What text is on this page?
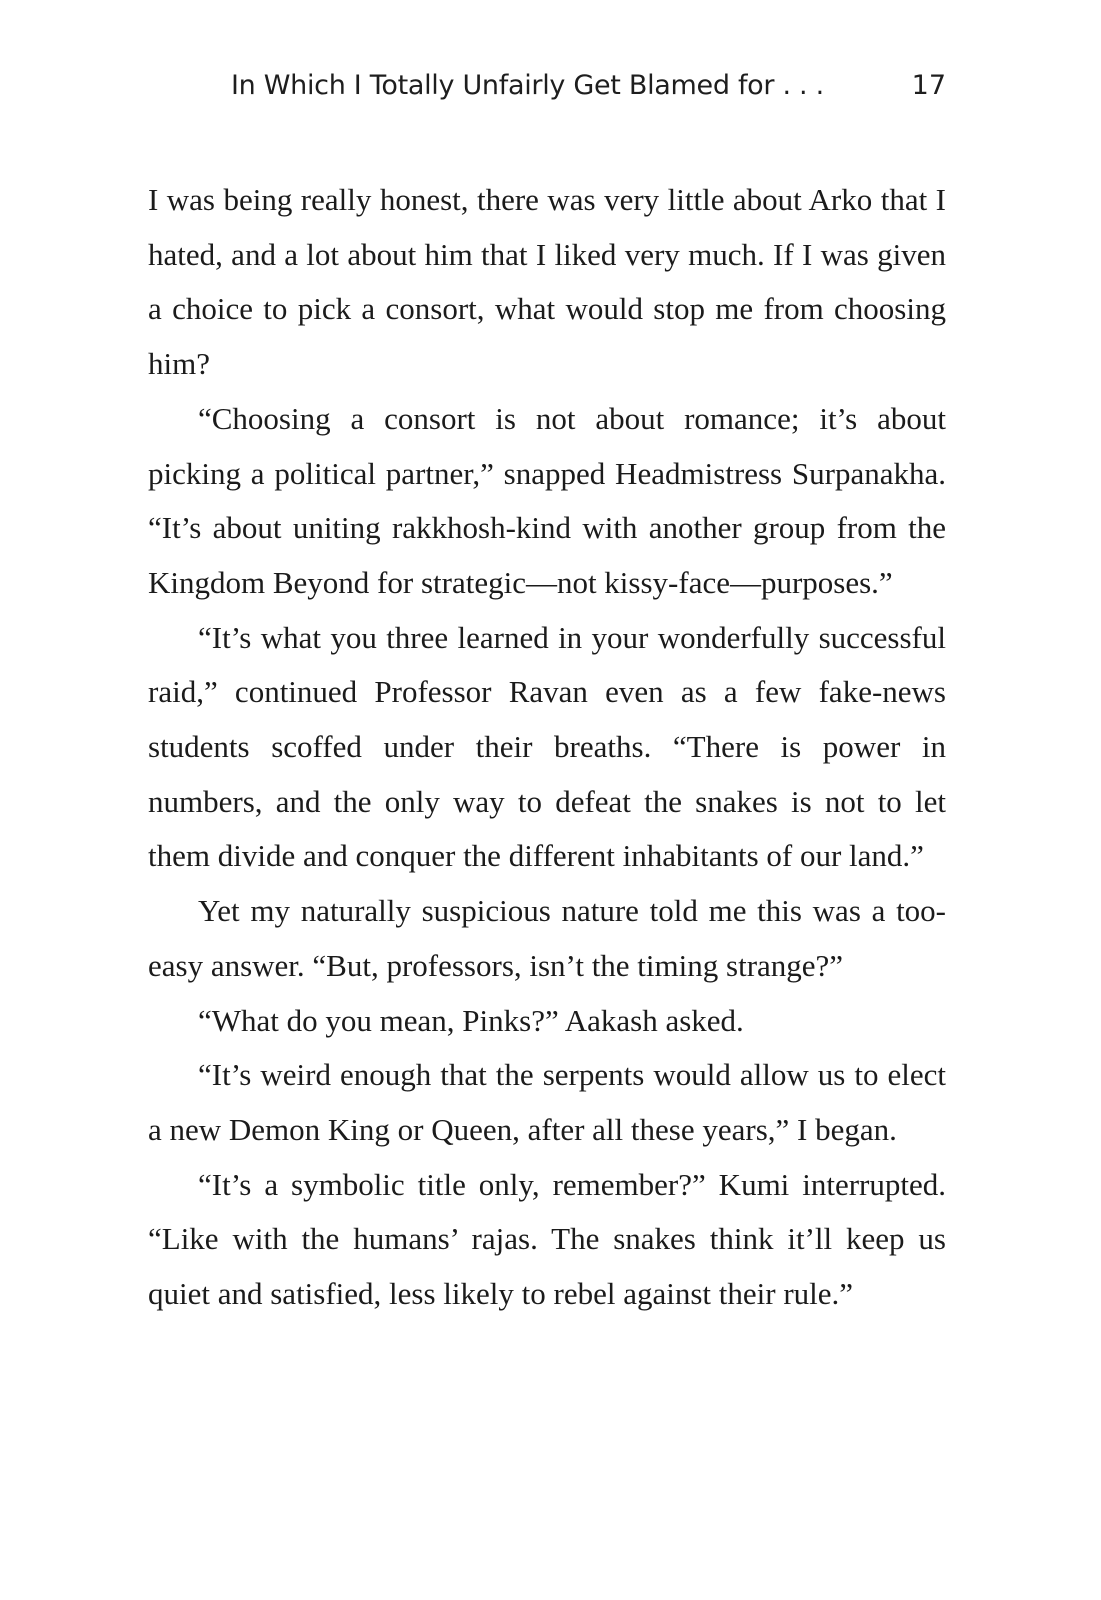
In Which I Totally Unfairly Get Blamed for . . .	17

I was being really honest, there was very little about Arko that I hated, and a lot about him that I liked very much. If I was given a choice to pick a consort, what would stop me from choosing him?

“Choosing a consort is not about romance; it’s about picking a political partner,” snapped Headmistress Surpanakha. “It’s about uniting rakkhosh-kind with another group from the Kingdom Beyond for strategic—not kissy-face—purposes.”

“It’s what you three learned in your wonderfully successful raid,” continued Professor Ravan even as a few fake-news students scoffed under their breaths. “There is power in numbers, and the only way to defeat the snakes is not to let them divide and conquer the different inhabitants of our land.”

Yet my naturally suspicious nature told me this was a too-easy answer. “But, professors, isn’t the timing strange?”

“What do you mean, Pinks?” Aakash asked.

“It’s weird enough that the serpents would allow us to elect a new Demon King or Queen, after all these years,” I began.

“It’s a symbolic title only, remember?” Kumi interrupted. “Like with the humans’ rajas. The snakes think it’ll keep us quiet and satisfied, less likely to rebel against their rule.”
